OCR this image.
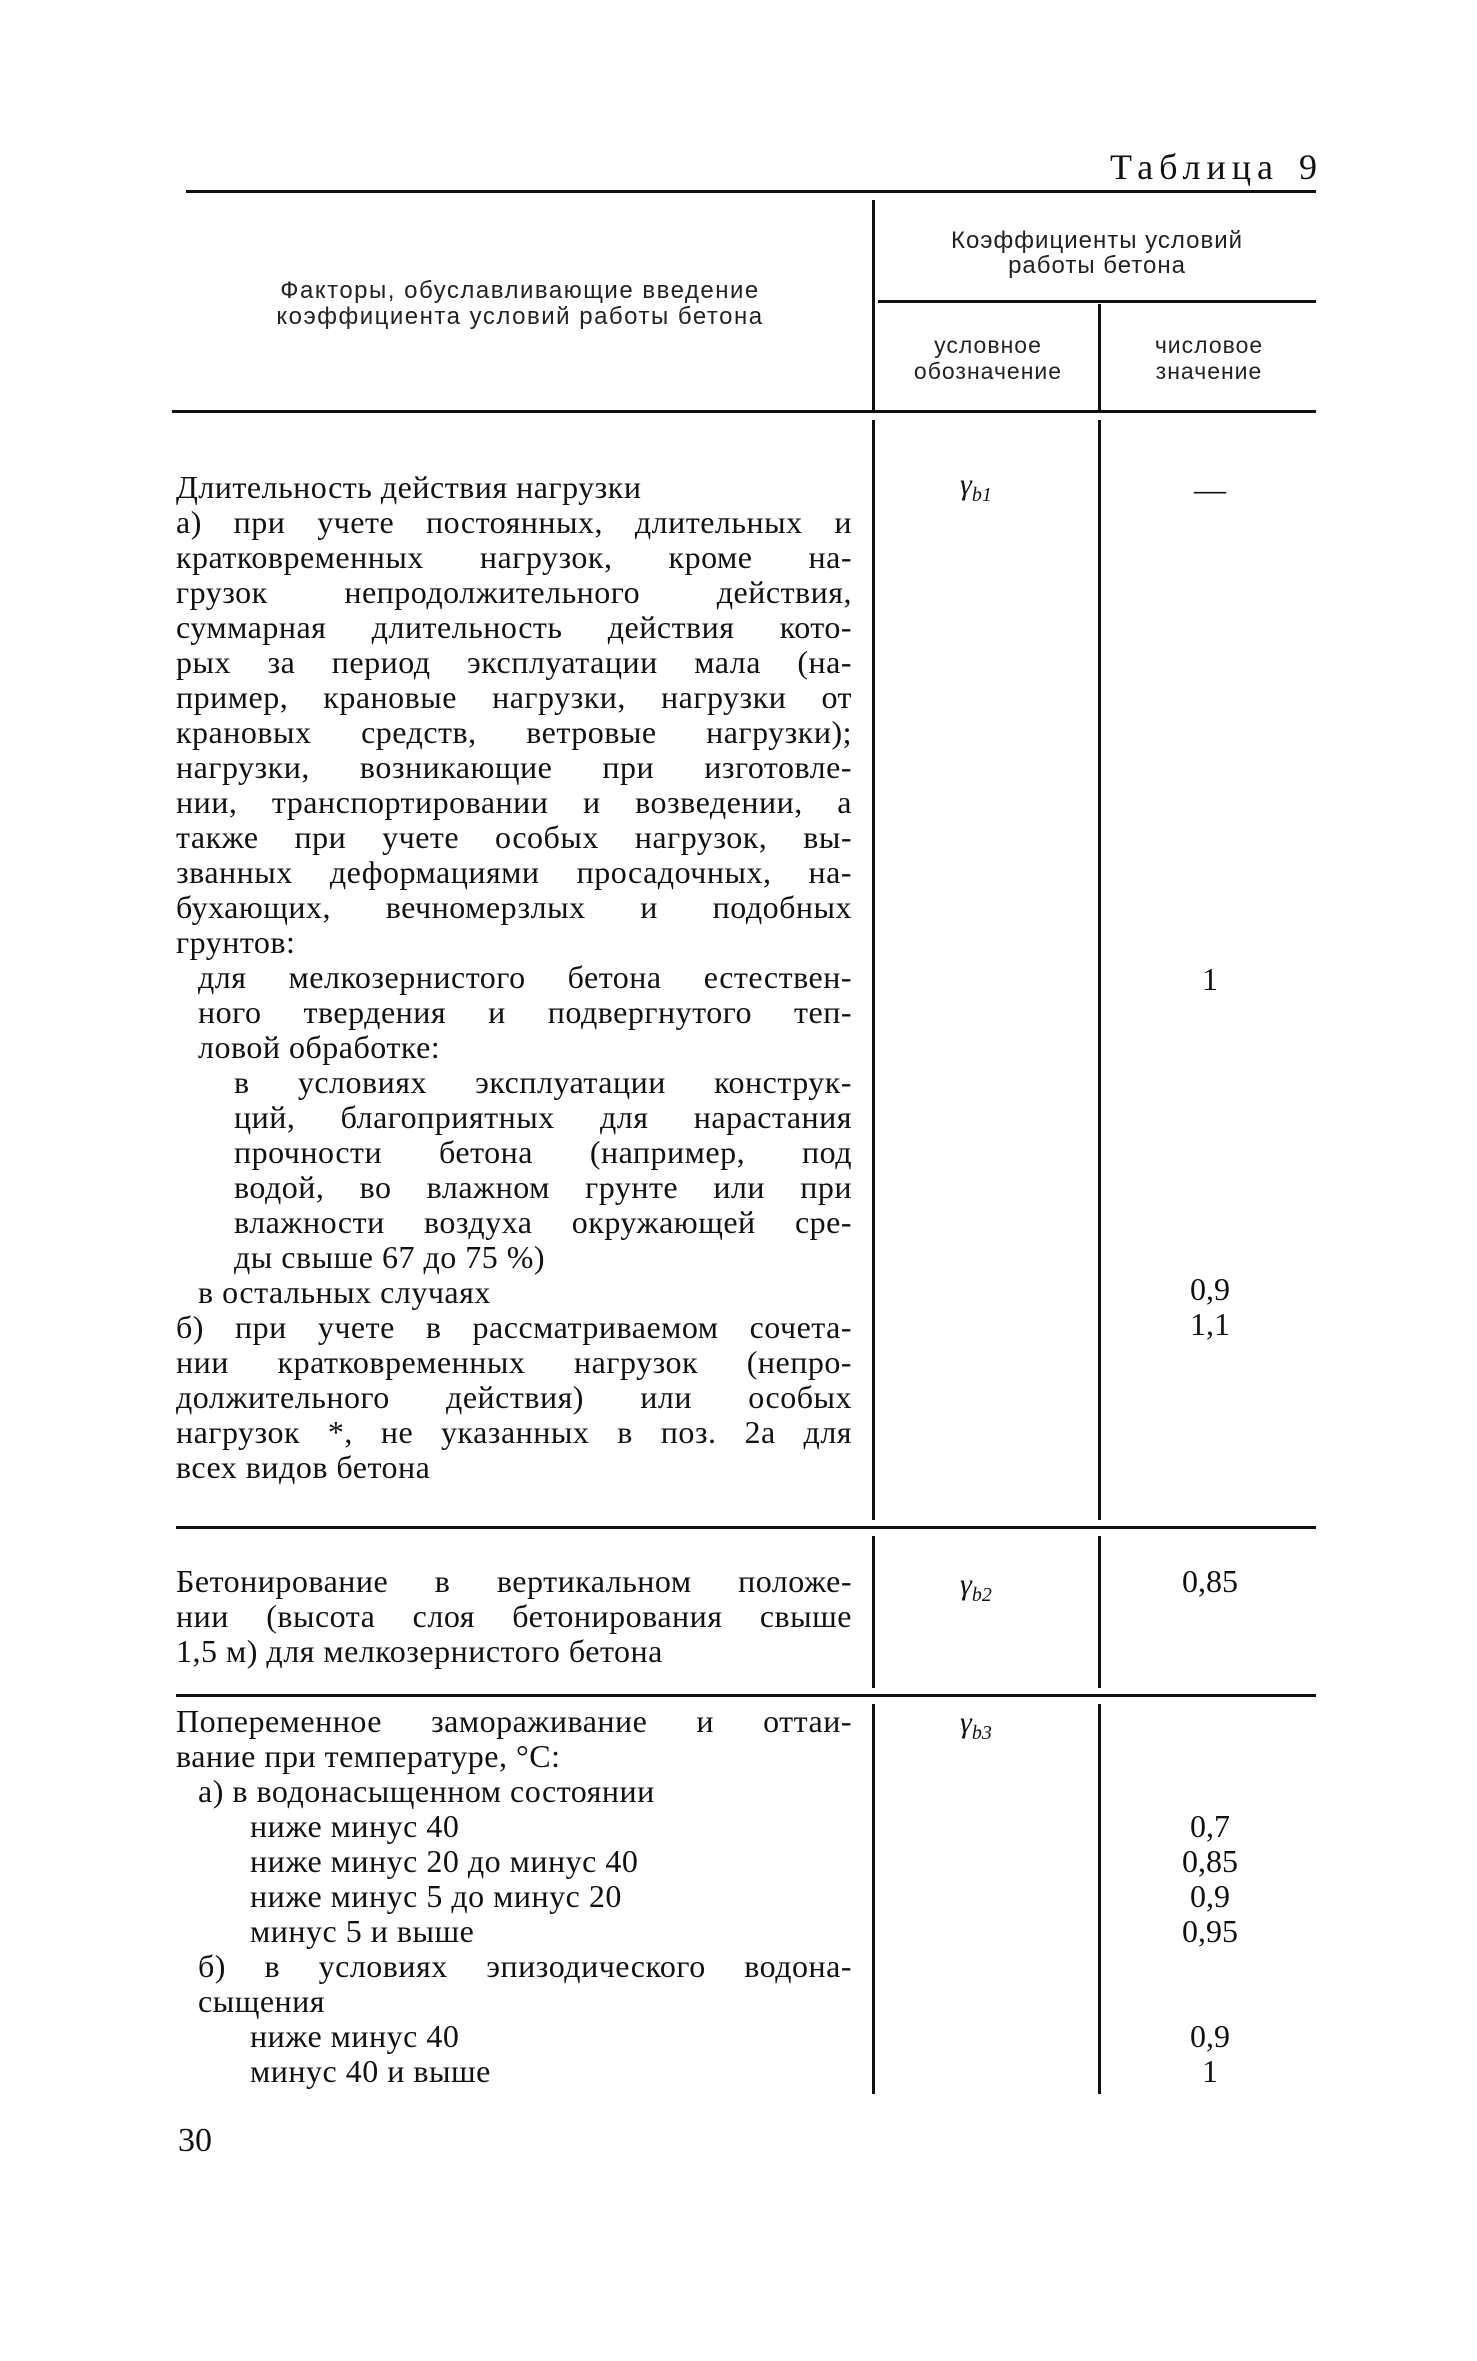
Таблица 9
Факторы, обуславливающие введение
коэффициента условий работы бетона
Коэффициенты условий
работы бетона
условное
обозначение
числовое
значение
Длительность действия нагрузки
а) при учете постоянных, длительных и
кратковременных нагрузок, кроме на-
грузок непродолжительного действия,
суммарная длительность действия кото-
рых за период эксплуатации мала (на-
пример, крановые нагрузки, нагрузки от
крановых средств, ветровые нагрузки);
нагрузки, возникающие при изготовле-
нии, транспортировании и возведении, а
также при учете особых нагрузок, вы-
званных деформациями просадочных, на-
бухающих, вечномерзлых и подобных
грунтов:
для мелкозернистого бетона естествен-
ного твердения и подвергнутого теп-
ловой обработке:
в условиях эксплуатации конструк-
ций, благоприятных для нарастания
прочности бетона (например, под
водой, во влажном грунте или при
влажности воздуха окружающей сре-
ды свыше 67 до 75 %)
в остальных случаях
б) при учете в рассматриваемом сочета-
нии кратковременных нагрузок (непро-
должительного действия) или особых
нагрузок *, не указанных в поз. 2а для
всех видов бетона
$\gamma_{b1}$	—
1
0,9
1,1
Бетонирование в вертикальном положе-
нии (высота слоя бетонирования свыше
1,5 м) для мелкозернистого бетона
$\gamma_{b2}$	0,85
Попеременное замораживание и оттаи-
вание при температуре, °С:
а) в водонасыщенном состоянии
ниже минус 40
ниже минус 20 до минус 40
ниже минус 5 до минус 20
минус 5 и выше
б) в условиях эпизодического водона-
сыщения
ниже минус 40
минус 40 и выше
$\gamma_{b3}$
0,7
0,85
0,9
0,95
0,9
1
30
